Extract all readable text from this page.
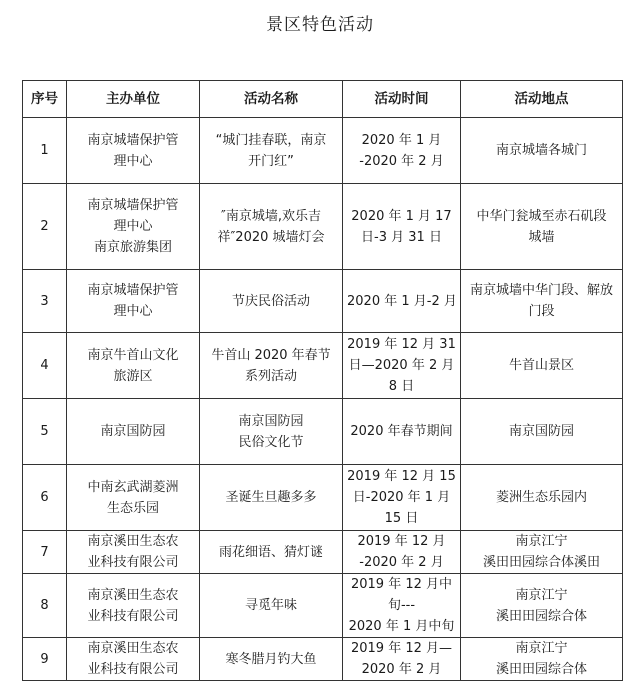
景区特色活动
序号	主办单位	活动名称	活动时间	活动地点

1	南京城墙保护管
理中心	“城门挂春联，南京
开门红”	2020 年 1 月
-2020 年 2 月	南京城墙各城门

2	南京城墙保护管
理中心
南京旅游集团	″南京城墙,欢乐吉
祥″2020 城墙灯会	2020 年 1 月 17
日-3 月 31 日	中华门瓮城至赤石矶段
城墙

3	南京城墙保护管
理中心	节庆民俗活动	2020 年 1 月-2 月	南京城墙中华门段、解放
门段

4	南京牛首山文化
旅游区	牛首山 2020 年春节
系列活动	2019 年 12 月 31
日—2020 年 2 月
8 日	牛首山景区

5	南京国防园	南京国防园
民俗文化节	2020 年春节期间	南京国防园

6	中南玄武湖菱洲
生态乐园	圣诞生旦趣多多	2019 年 12 月 15
日-2020 年 1 月
15 日	菱洲生态乐园内

7	南京溪田生态农
业科技有限公司	雨花细语、猜灯谜	2019 年 12 月
-2020 年 2 月	南京江宁
溪田田园综合体溪田

8	南京溪田生态农
业科技有限公司	寻觅年味	2019 年 12 月中
旬---
2020 年 1 月中旬	南京江宁
溪田田园综合体

9	南京溪田生态农
业科技有限公司	寒冬腊月钓大鱼	2019 年 12 月—
2020 年 2 月	南京江宁
溪田田园综合体
